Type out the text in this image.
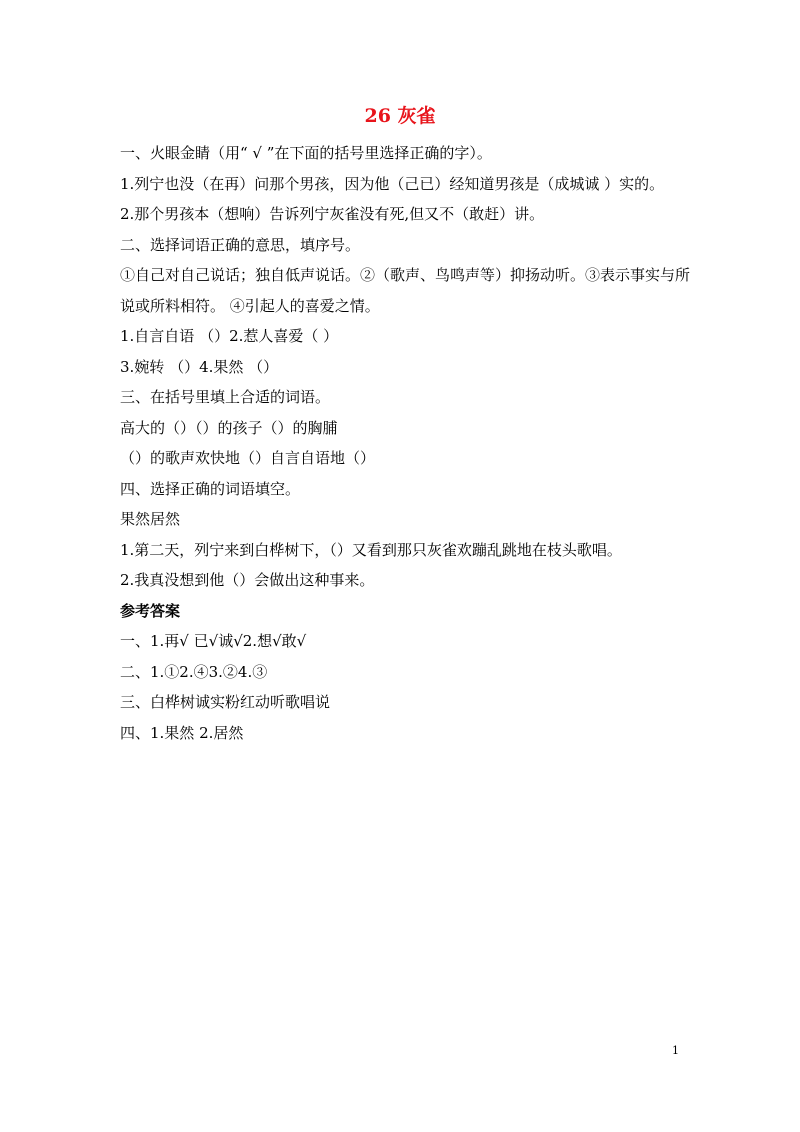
26 灰雀

一、火眼金睛（用“ √ ”在下面的括号里选择正确的字）。

1.列宁也没（在再）问那个男孩，因为他（己已）经知道男孩是（成城诚 ）实的。

2.那个男孩本（想响）告诉列宁灰雀没有死,但又不（敢赶）讲。

二、选择词语正确的意思，填序号。

①自己对自己说话；独自低声说话。②（歌声、鸟鸣声等）抑扬动听。③表示事实与所说或所料相符。 ④引起人的喜爱之情。

1.自言自语 （）2.惹人喜爱（ ）

3.婉转 （）4.果然 （）

三、在括号里填上合适的词语。

高大的（）（）的孩子（）的胸脯

（）的歌声欢快地（）自言自语地（）

四、选择正确的词语填空。

果然居然

1.第二天，列宁来到白桦树下，（）又看到那只灰雀欢蹦乱跳地在枝头歌唱。

2.我真没想到他（）会做出这种事来。

参考答案

一、1.再√ 已√诚√2.想√敢√

二、1.①2.④3.②4.③

三、白桦树诚实粉红动听歌唱说

四、1.果然 2.居然

1
